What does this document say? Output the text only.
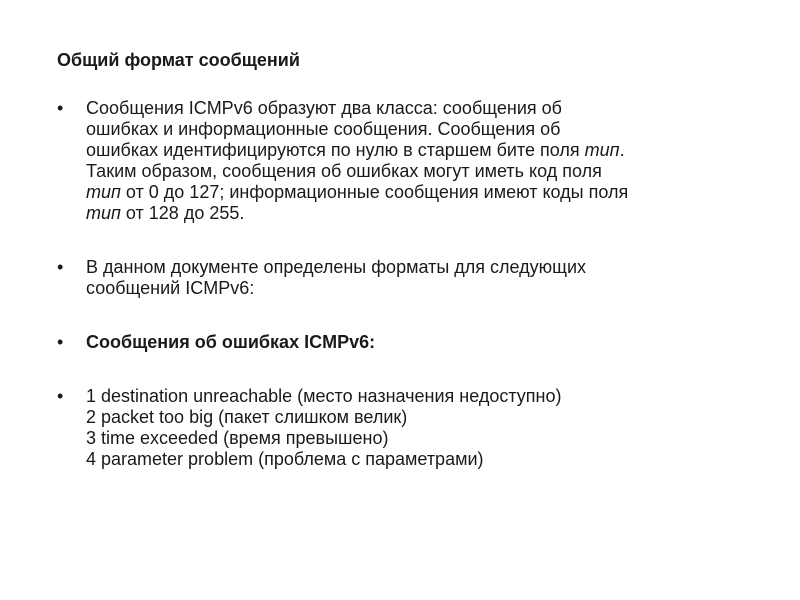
Общий формат сообщений
•	Сообщения ICMPv6 образуют два класса: сообщения об
ошибках и информационные сообщения. Сообщения об
ошибках идентифицируются по нулю в старшем бите поля тип.
Таким образом, сообщения об ошибках могут иметь код поля
тип от 0 до 127; информационные сообщения имеют коды поля
тип от 128 до 255.
•	В данном документе определены форматы для следующих
сообщений ICMPv6:
•	Сообщения об ошибках ICMPv6:
•	1 destination unreachable (место назначения недоступно)
2 packet too big (пакет слишком велик)
3 time exceeded (время превышено)
4 parameter problem (проблема с параметрами)
